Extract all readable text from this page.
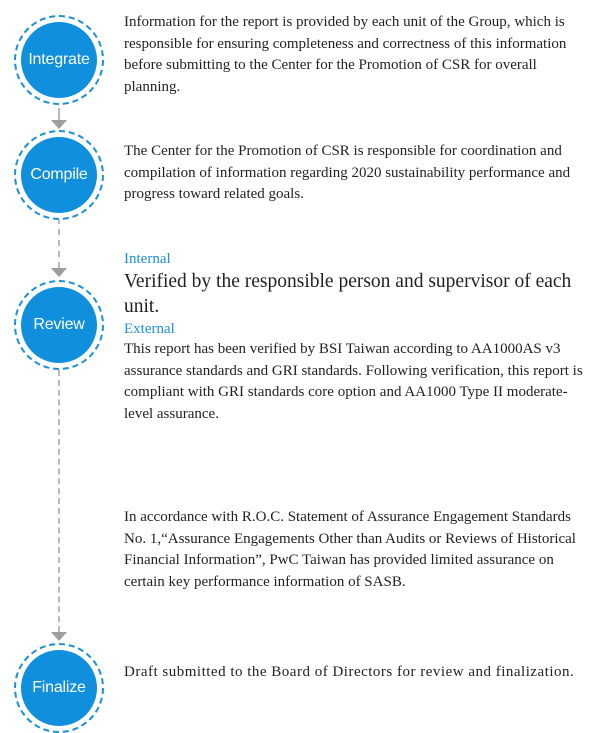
Integrate
Compile
Review
Finalize
Information for the report is provided by each unit of the Group, which is responsible for ensuring completeness and correctness of this information before submitting to the Center for the Promotion of CSR for overall planning.
The Center for the Promotion of CSR is responsible for coordination and compilation of information regarding 2020 sustainability performance and progress toward related goals.
Internal
Verified by the responsible person and supervisor of each unit.
External
This report has been verified by BSI Taiwan according to AA1000AS v3 assurance standards and GRI standards. Following verification, this report is compliant with GRI standards core option and AA1000 Type II moderate-level assurance.
In accordance with R.O.C. Statement of Assurance Engagement Standards No. 1,“Assurance Engagements Other than Audits or Reviews of Historical Financial Information”, PwC Taiwan has provided limited assurance on certain key performance information of SASB.
Draft submitted to the Board of Directors for review and finalization.
